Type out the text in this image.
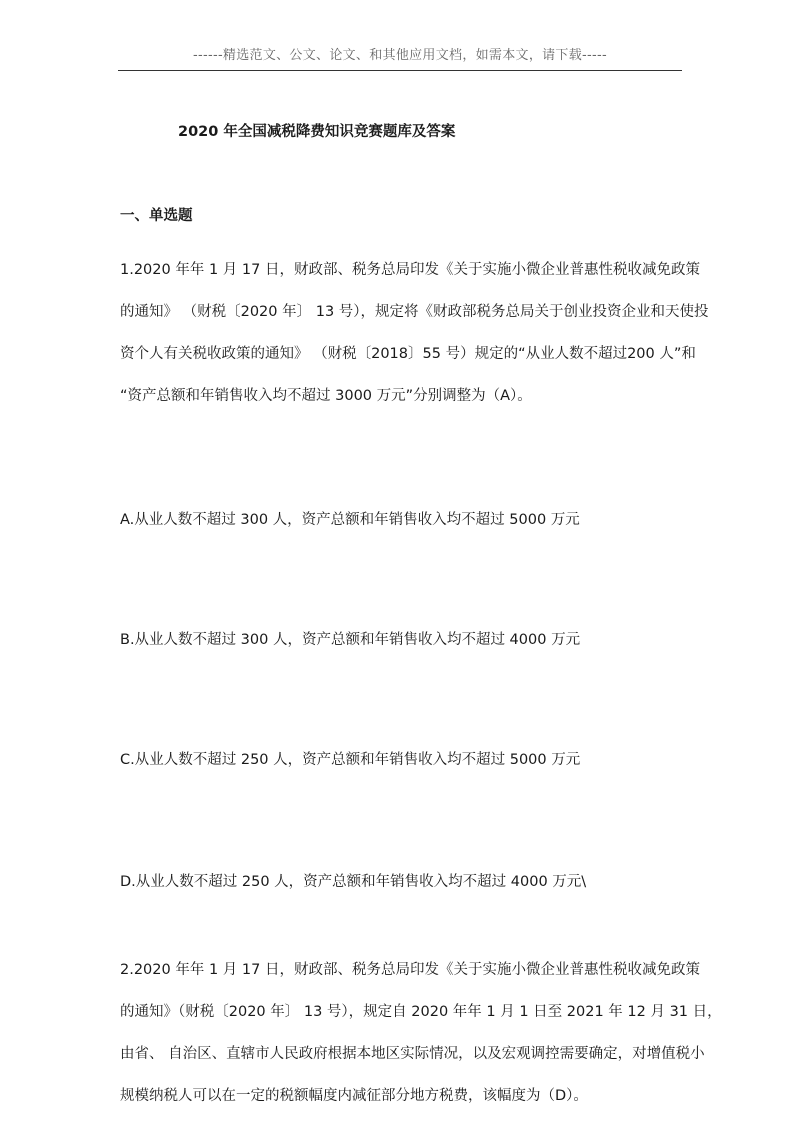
------精选范文、公文、论文、和其他应用文档，如需本文，请下载-----
2020 年全国减税降费知识竞赛题库及答案
一、单选题
1.2020 年年 1 月 17 日，财政部、税务总局印发《关于实施小微企业普惠性税收减免政策
的通知》 （财税〔2020 年〕 13 号），规定将《财政部税务总局关于创业投资企业和天使投
资个人有关税收政策的通知》 （财税〔2018〕55 号）规定的“从业人数不超过200 人”和
“资产总额和年销售收入均不超过 3000 万元”分别调整为（A）。
A.从业人数不超过 300 人，资产总额和年销售收入均不超过 5000 万元
B.从业人数不超过 300 人，资产总额和年销售收入均不超过 4000 万元
C.从业人数不超过 250 人，资产总额和年销售收入均不超过 5000 万元
D.从业人数不超过 250 人，资产总额和年销售收入均不超过 4000 万元\
2.2020 年年 1 月 17 日，财政部、税务总局印发《关于实施小微企业普惠性税收减免政策
的通知》（财税〔2020 年〕 13 号），规定自 2020 年年 1 月 1 日至 2021 年 12 月 31 日，
由省、 自治区、直辖市人民政府根据本地区实际情况，以及宏观调控需要确定，对增值税小
规模纳税人可以在一定的税额幅度内减征部分地方税费，该幅度为（D）。
